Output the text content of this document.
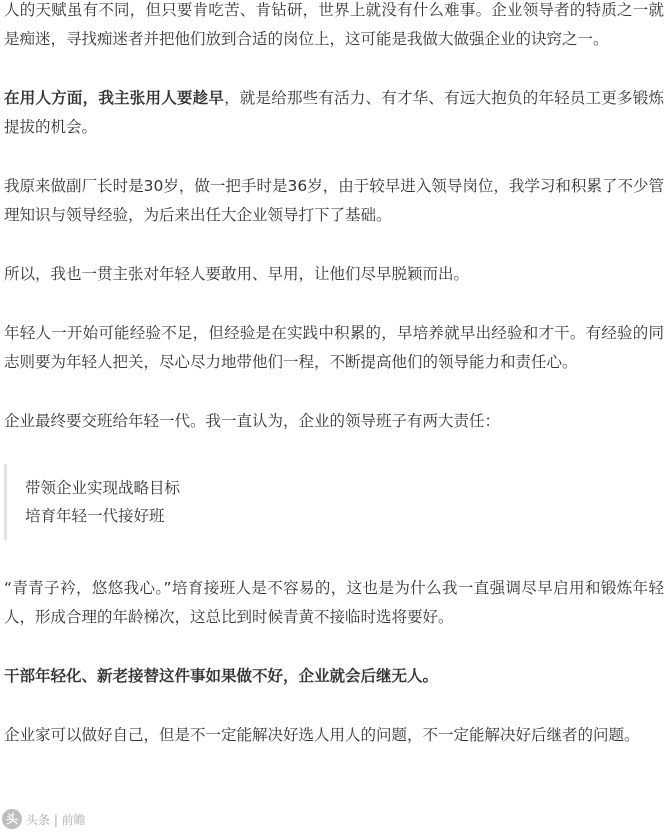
人的天赋虽有不同，但只要肯吃苦、肯钻研，世界上就没有什么难事。企业领导者的特质之一就是痴迷，寻找痴迷者并把他们放到合适的岗位上，这可能是我做大做强企业的诀窍之一。

在用人方面，我主张用人要趁早，就是给那些有活力、有才华、有远大抱负的年轻员工更多锻炼提拔的机会。

我原来做副厂长时是30岁，做一把手时是36岁，由于较早进入领导岗位，我学习和积累了不少管理知识与领导经验，为后来出任大企业领导打下了基础。

所以，我也一贯主张对年轻人要敢用、早用，让他们尽早脱颖而出。

年轻人一开始可能经验不足，但经验是在实践中积累的，早培养就早出经验和才干。有经验的同志则要为年轻人把关，尽心尽力地带他们一程，不断提高他们的领导能力和责任心。

企业最终要交班给年轻一代。我一直认为，企业的领导班子有两大责任：

带领企业实现战略目标
培育年轻一代接好班

“青青子衿，悠悠我心。”培育接班人是不容易的，这也是为什么我一直强调尽早启用和锻炼年轻人，形成合理的年龄梯次，这总比到时候青黄不接临时选将要好。

干部年轻化、新老接替这件事如果做不好，企业就会后继无人。

企业家可以做好自己，但是不一定能解决好选人用人的问题，不一定能解决好后继者的问题。

头 头条 | 前瞻
